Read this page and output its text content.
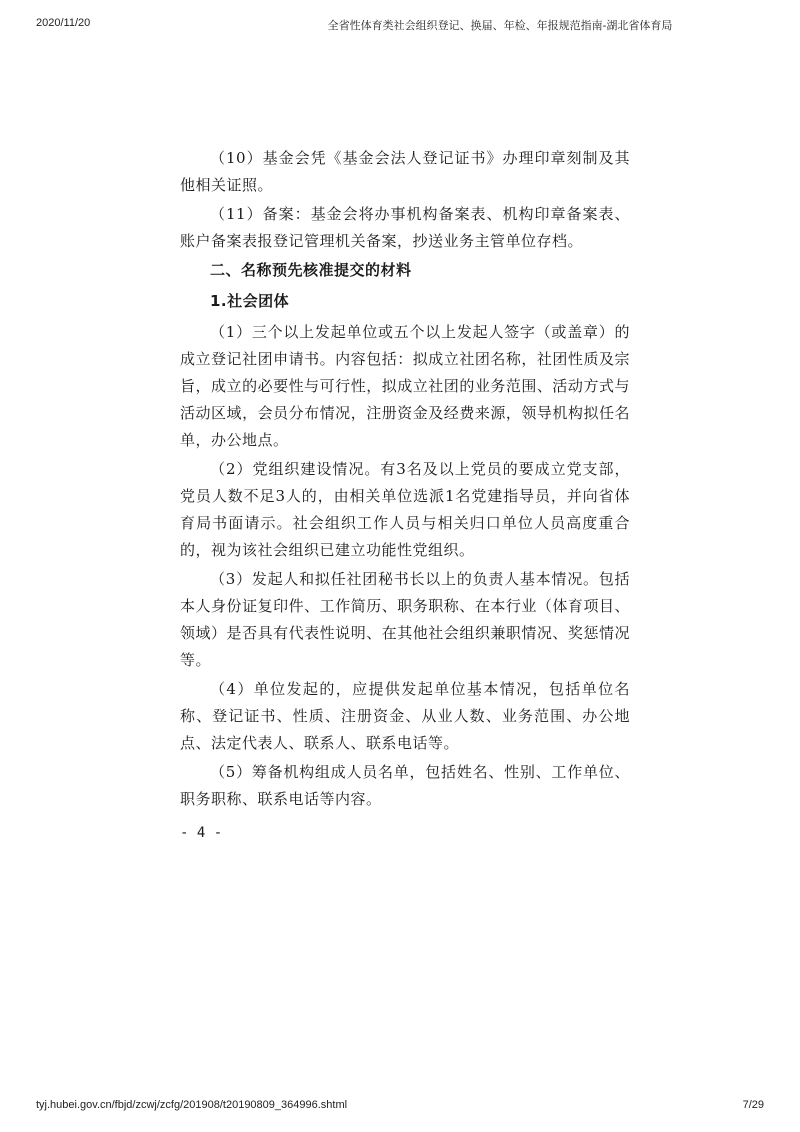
2020/11/20	全省性体育类社会组织登记、换届、年检、年报规范指南-湖北省体育局

（10）基金会凭《基金会法人登记证书》办理印章刻制及其他相关证照。

（11）备案：基金会将办事机构备案表、机构印章备案表、账户备案表报登记管理机关备案，抄送业务主管单位存档。

二、名称预先核准提交的材料
1.社会团体

（1）三个以上发起单位或五个以上发起人签字（或盖章）的成立登记社团申请书。内容包括：拟成立社团名称，社团性质及宗旨，成立的必要性与可行性，拟成立社团的业务范围、活动方式与活动区域，会员分布情况，注册资金及经费来源，领导机构拟任名单，办公地点。

（2）党组织建设情况。有3名及以上党员的要成立党支部，党员人数不足3人的，由相关单位选派1名党建指导员，并向省体育局书面请示。社会组织工作人员与相关归口单位人员高度重合的，视为该社会组织已建立功能性党组织。

（3）发起人和拟任社团秘书长以上的负责人基本情况。包括本人身份证复印件、工作简历、职务职称、在本行业（体育项目、领域）是否具有代表性说明、在其他社会组织兼职情况、奖惩情况等。

（4）单位发起的，应提供发起单位基本情况，包括单位名称、登记证书、性质、注册资金、从业人数、业务范围、办公地点、法定代表人、联系人、联系电话等。

（5）筹备机构组成人员名单，包括姓名、性别、工作单位、职务职称、联系电话等内容。

- 4 -
tyj.hubei.gov.cn/fbjd/zcwj/zcfg/201908/t20190809_364996.shtml	7/29
